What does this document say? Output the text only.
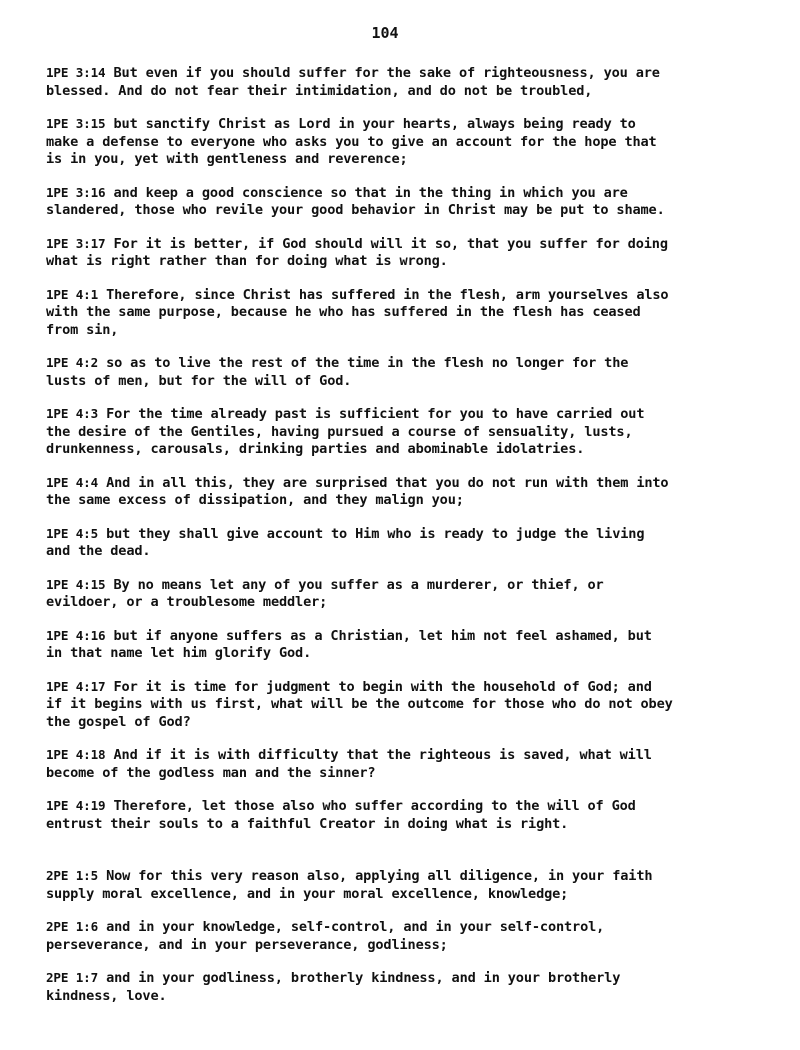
104
1PE 3:14 But even if you should suffer for the sake of righteousness, you are
blessed. And do not fear their intimidation, and do not be troubled,
1PE 3:15 but sanctify Christ as Lord in your hearts, always being ready to
make a defense to everyone who asks you to give an account for the hope that
is in you, yet with gentleness and reverence;
1PE 3:16 and keep a good conscience so that in the thing in which you are
slandered, those who revile your good behavior in Christ may be put to shame.
1PE 3:17 For it is better, if God should will it so, that you suffer for doing
what is right rather than for doing what is wrong.
1PE 4:1 Therefore, since Christ has suffered in the flesh, arm yourselves also
with the same purpose, because he who has suffered in the flesh has ceased
from sin,
1PE 4:2 so as to live the rest of the time in the flesh no longer for the
lusts of men, but for the will of God.
1PE 4:3 For the time already past is sufficient for you to have carried out
the desire of the Gentiles, having pursued a course of sensuality, lusts,
drunkenness, carousals, drinking parties and abominable idolatries.
1PE 4:4 And in all this, they are surprised that you do not run with them into
the same excess of dissipation, and they malign you;
1PE 4:5 but they shall give account to Him who is ready to judge the living
and the dead.
1PE 4:15 By no means let any of you suffer as a murderer, or thief, or
evildoer, or a troublesome meddler;
1PE 4:16 but if anyone suffers as a Christian, let him not feel ashamed, but
in that name let him glorify God.
1PE 4:17 For it is time for judgment to begin with the household of God; and
if it begins with us first, what will be the outcome for those who do not obey
the gospel of God?
1PE 4:18 And if it is with difficulty that the righteous is saved, what will
become of the godless man and the sinner?
1PE 4:19 Therefore, let those also who suffer according to the will of God
entrust their souls to a faithful Creator in doing what is right.
2PE 1:5 Now for this very reason also, applying all diligence, in your faith
supply moral excellence, and in your moral excellence, knowledge;
2PE 1:6 and in your knowledge, self-control, and in your self-control,
perseverance, and in your perseverance, godliness;
2PE 1:7 and in your godliness, brotherly kindness, and in your brotherly
kindness, love.
